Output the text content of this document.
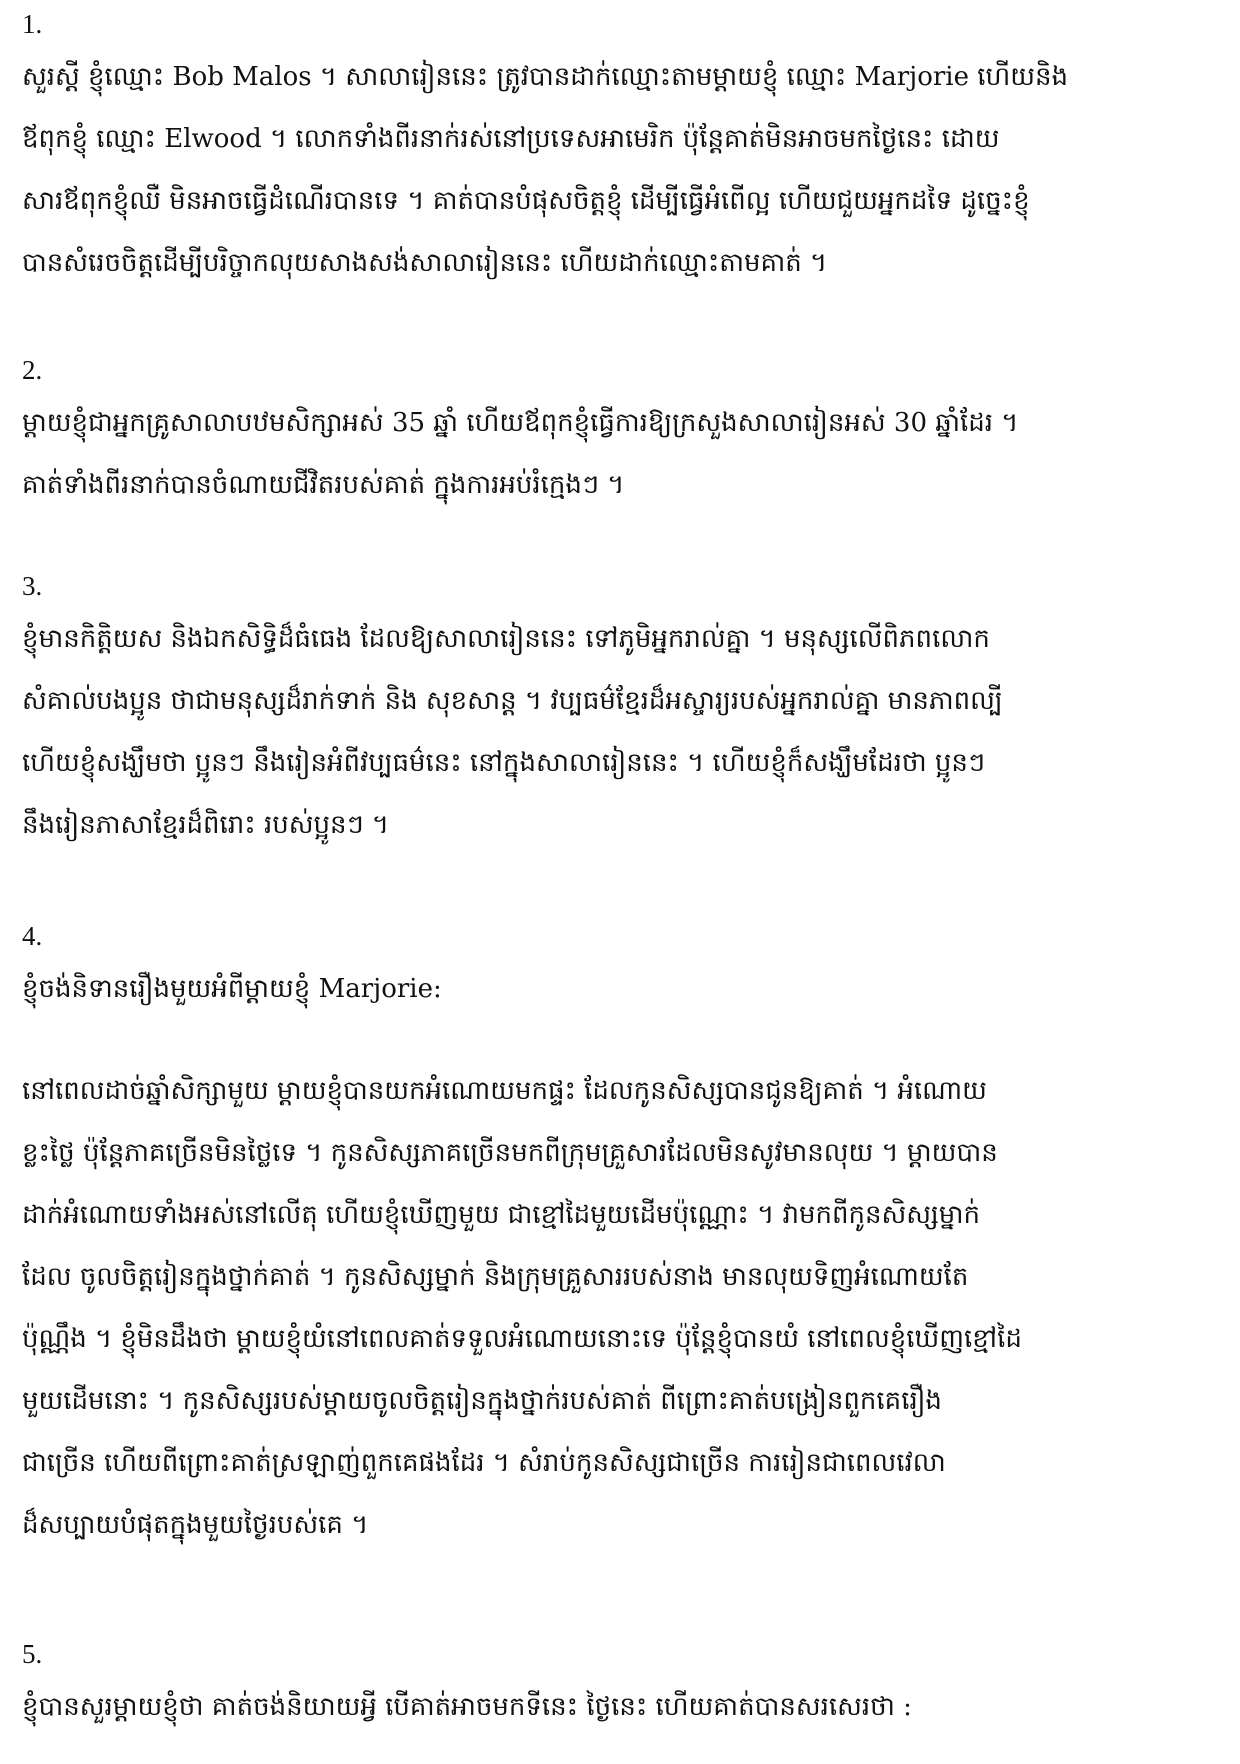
1.
សួរស្តី ខ្ញុំឈ្មោះ Bob Malos ។ សាលារៀននេះ ត្រូវបានដាក់ឈ្មោះតាមម្តាយខ្ញុំ ឈ្មោះ Marjorie ហើយនិង
ឪពុកខ្ញុំ ឈ្មោះ Elwood ។ លោកទាំងពីរនាក់រស់នៅប្រទេសអាមេរិក ប៉ុន្តែគាត់មិនអាចមកថ្ងៃនេះ ដោយ
សារឪពុកខ្ញុំឈឺ មិនអាចធ្វើដំណើរបានទេ ។ គាត់បានបំផុសចិត្តខ្ញុំ ដើម្បីធ្វើអំពើល្អ ហើយជួយអ្នកដទៃ ដូច្នេះខ្ញុំ
បានសំរេចចិត្តដើម្បីបរិច្ចាកលុយសាងសង់សាលារៀននេះ ហើយដាក់ឈ្មោះតាមគាត់ ។
2.
ម្តាយខ្ញុំជាអ្នកគ្រូសាលាបឋមសិក្សាអស់ 35 ឆ្នាំ ហើយឪពុកខ្ញុំធ្វើការឱ្យក្រសួងសាលារៀនអស់ 30 ឆ្នាំដែរ ។
គាត់ទាំងពីរនាក់បានចំណាយជីវិតរបស់គាត់ ក្នុងការអប់រំក្មេងៗ ។
3.
ខ្ញុំមានកិត្តិយស និងឯកសិទ្ធិដ៏ធំធេង ដែលឱ្យសាលារៀននេះ ទៅភូមិអ្នករាល់គ្នា ។ មនុស្សលើពិភពលោក
សំគាល់បងប្អូន ថាជាមនុស្សដ៏រាក់ទាក់ និង សុខសាន្ត ។ វប្បធម៌ខ្មែរដ៏អស្ចារ្យរបស់អ្នករាល់គ្នា មានភាពល្បី
ហើយខ្ញុំសង្ឃឹមថា ប្អូនៗ នឹងរៀនអំពីវប្បធម៌នេះ នៅក្នុងសាលារៀននេះ ។ ហើយខ្ញុំក៏សង្ឃឹមដែរថា ប្អូនៗ
នឹងរៀនភាសាខ្មែរដ៏ពិរោះ របស់ប្អូនៗ ។
4.
ខ្ញុំចង់និទានរឿងមួយអំពីម្តាយខ្ញុំ Marjorie:
នៅពេលដាច់ឆ្នាំសិក្សាមួយ ម្តាយខ្ញុំបានយកអំណោយមកផ្ទះ ដែលកូនសិស្សបានជូនឱ្យគាត់ ។ អំណោយ
ខ្លះថ្លៃ ប៉ុន្តែភាគច្រើនមិនថ្លៃទេ ។ កូនសិស្សភាគច្រើនមកពីក្រុមគ្រួសារដែលមិនសូវមានលុយ ។ ម្តាយបាន
ដាក់អំណោយទាំងអស់នៅលើតុ ហើយខ្ញុំឃើញមួយ ជាខ្មៅដៃមួយដើមប៉ុណ្ណោះ ។ វាមកពីកូនសិស្សម្នាក់
ដែល ចូលចិត្តរៀនក្នុងថ្នាក់គាត់ ។ កូនសិស្សម្នាក់ និងក្រុមគ្រួសាររបស់នាង មានលុយទិញអំណោយតែ
ប៉ុណ្ណឹង ។ ខ្ញុំមិនដឹងថា ម្តាយខ្ញុំយំនៅពេលគាត់ទទួលអំណោយនោះទេ ប៉ុន្តែខ្ញុំបានយំ នៅពេលខ្ញុំឃើញខ្មៅដៃ
មួយដើមនោះ ។ កូនសិស្សរបស់ម្តាយចូលចិត្តរៀនក្នុងថ្នាក់របស់គាត់ ពីព្រោះគាត់បង្រៀនពួកគេរឿង
ជាច្រើន ហើយពីព្រោះគាត់ស្រឡាញ់ពួកគេផងដែរ ។ សំរាប់កូនសិស្សជាច្រើន ការរៀនជាពេលវេលា
ដ៏សប្បាយបំផុតក្នុងមួយថ្ងៃរបស់គេ ។
5.
ខ្ញុំបានសួរម្តាយខ្ញុំថា គាត់ចង់និយាយអ្វី បើគាត់អាចមកទីនេះ ថ្ងៃនេះ ហើយគាត់បានសរសេរថា :
